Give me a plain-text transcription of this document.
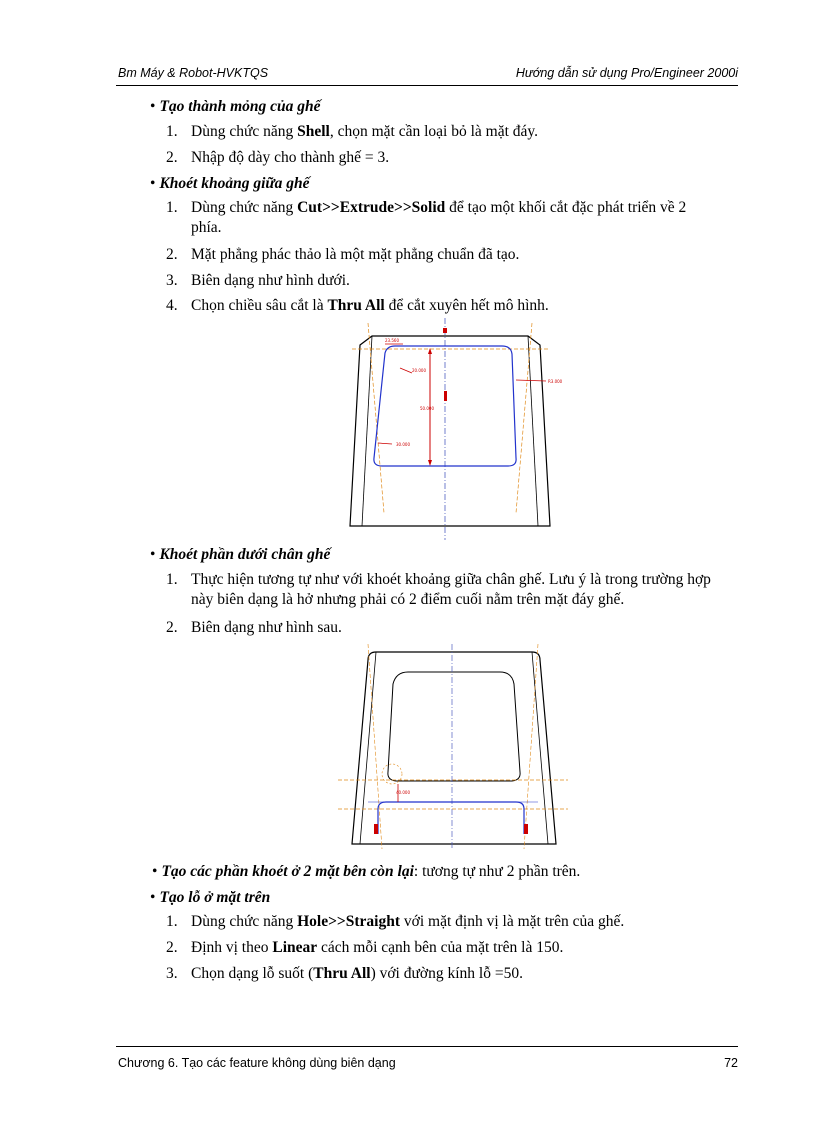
Bm Máy & Robot-HVKTQS	Hướng dẫn sử dụng Pro/Engineer 2000i
• Tạo thành mỏng của ghế
1. Dùng chức năng Shell, chọn mặt cần loại bỏ là mặt đáy.
2. Nhập độ dày cho thành ghế = 3.
• Khoét khoảng giữa ghế
1. Dùng chức năng Cut>>Extrude>>Solid để tạo một khối cắt đặc phát triển về 2
phía.
2. Mặt phẳng phác thảo là một mặt phẳng chuẩn đã tạo.
3. Biên dạng như hình dưới.
4. Chọn chiều sâu cắt là Thru All để cắt xuyên hết mô hình.
23.560
20.000
50.000
30.000
R3.000
• Khoét phần dưới chân ghế
1. Thực hiện tương tự như với khoét khoảng giữa chân ghế. Lưu ý là trong trường hợp
này biên dạng là hở nhưng phải có 2 điểm cuối nằm trên mặt đáy ghế.
2. Biên dạng như hình sau.
40.000
• Tạo các phần khoét ở 2 mặt bên còn lại: tương tự như 2 phần trên.
• Tạo lỗ ở mặt trên
1. Dùng chức năng Hole>>Straight với mặt định vị là mặt trên của ghế.
2. Định vị theo Linear cách mỗi cạnh bên của mặt trên là 150.
3. Chọn dạng lỗ suốt (Thru All) với đường kính lỗ =50.
Chương 6. Tạo các feature không dùng biên dạng	72
